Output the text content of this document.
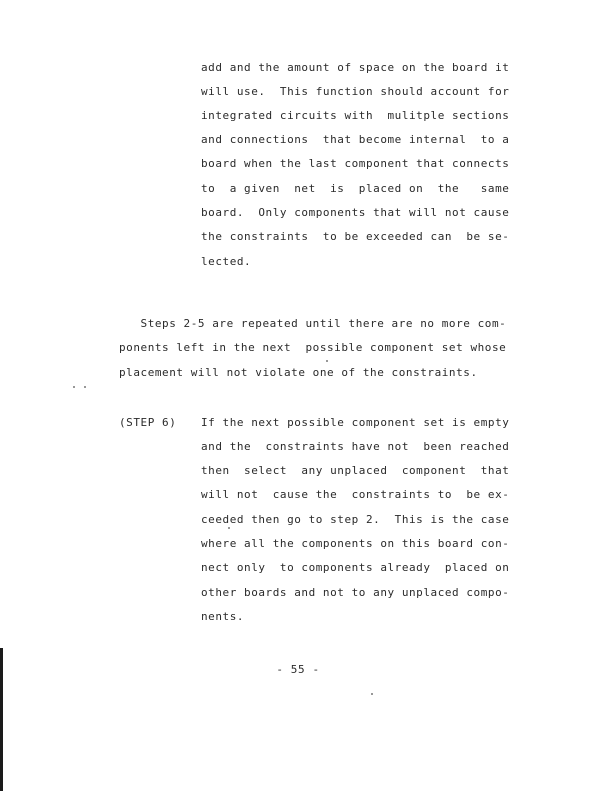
add and the amount of space on the board it
will use.  This function should account for
integrated circuits with  mulitple sections
and connections  that become internal  to a
board when the last component that connects
to  a given  net  is  placed on  the   same
board.  Only components that will not cause
the constraints  to be exceeded can  be se-
lected.
Steps 2-5 are repeated until there are no more com-
ponents left in the next  possible component set whose
placement will not violate one of the constraints.
(STEP 6) If the next possible component set is empty
and the  constraints have not  been reached
then  select  any unplaced  component  that
will not  cause the  constraints to  be ex-
ceeded then go to step 2.  This is the case
where all the components on this board con-
nect only  to components already  placed on
other boards and not to any unplaced compo-
nents.
- 55 -
